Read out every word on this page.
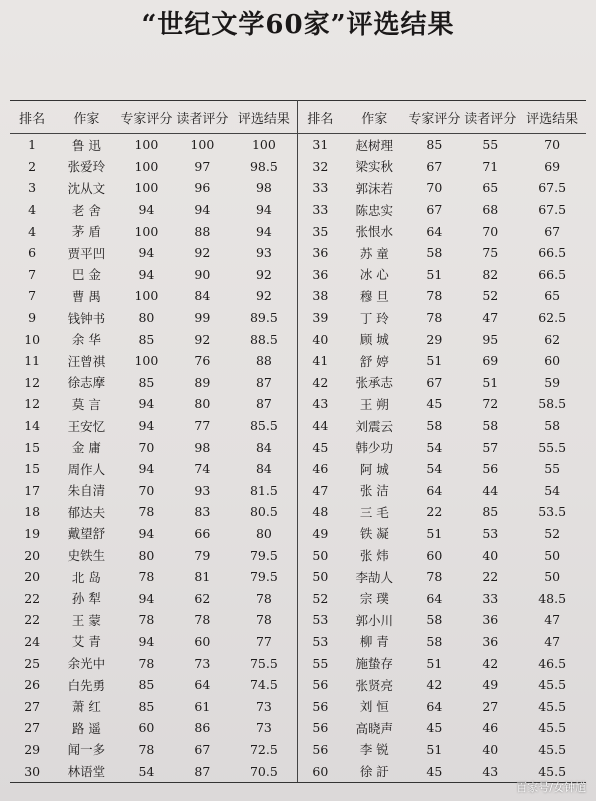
“世纪文学60家”评选结果
排名	作家	专家评分	读者评分	评选结果	排名	作家	专家评分	读者评分	评选结果
1	鲁 迅	100	100	100	31	赵树理	85	55	70
2	张爱玲	100	97	98.5	32	梁实秋	67	71	69
3	沈从文	100	96	98	33	郭沫若	70	65	67.5
4	老 舍	94	94	94	33	陈忠实	67	68	67.5
4	茅 盾	100	88	94	35	张恨水	64	70	67
6	贾平凹	94	92	93	36	苏 童	58	75	66.5
7	巴 金	94	90	92	36	冰 心	51	82	66.5
7	曹 禺	100	84	92	38	穆 旦	78	52	65
9	钱钟书	80	99	89.5	39	丁 玲	78	47	62.5
10	余 华	85	92	88.5	40	顾 城	29	95	62
11	汪曾祺	100	76	88	41	舒 婷	51	69	60
12	徐志摩	85	89	87	42	张承志	67	51	59
12	莫 言	94	80	87	43	王 朔	45	72	58.5
14	王安忆	94	77	85.5	44	刘震云	58	58	58
15	金 庸	70	98	84	45	韩少功	54	57	55.5
15	周作人	94	74	84	46	阿 城	54	56	55
17	朱自清	70	93	81.5	47	张 洁	64	44	54
18	郁达夫	78	83	80.5	48	三 毛	22	85	53.5
19	戴望舒	94	66	80	49	铁 凝	51	53	52
20	史铁生	80	79	79.5	50	张 炜	60	40	50
20	北 岛	78	81	79.5	50	李劼人	78	22	50
22	孙 犁	94	62	78	52	宗 璞	64	33	48.5
22	王 蒙	78	78	78	53	郭小川	58	36	47
24	艾 青	94	60	77	53	柳 青	58	36	47
25	余光中	78	73	75.5	55	施蛰存	51	42	46.5
26	白先勇	85	64	74.5	56	张贤亮	42	49	45.5
27	萧 红	85	61	73	56	刘 恒	64	27	45.5
27	路 遥	60	86	73	56	高晓声	45	46	45.5
29	闻一多	78	67	72.5	56	李 锐	51	40	45.5
30	林语堂	54	87	70.5	60	徐 訏	45	43	45.5
百家号/女钟馗
